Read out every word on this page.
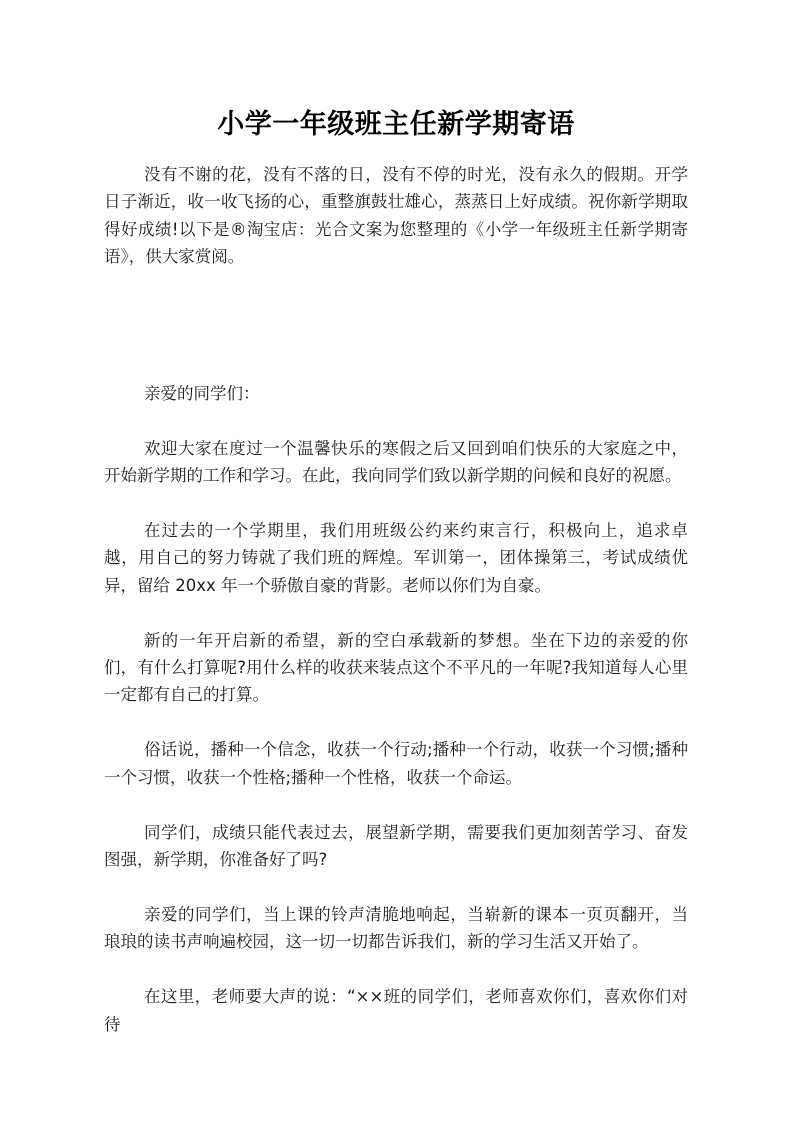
小学一年级班主任新学期寄语

没有不谢的花，没有不落的日，没有不停的时光，没有永久的假期。开学日子渐近，收一收飞扬的心，重整旗鼓壮雄心，蒸蒸日上好成绩。祝你新学期取得好成绩!以下是®淘宝店：光合文案为您整理的《小学一年级班主任新学期寄语》，供大家赏阅。

亲爱的同学们：

欢迎大家在度过一个温馨快乐的寒假之后又回到咱们快乐的大家庭之中，开始新学期的工作和学习。在此，我向同学们致以新学期的问候和良好的祝愿。

在过去的一个学期里，我们用班级公约来约束言行，积极向上，追求卓越，用自己的努力铸就了我们班的辉煌。军训第一，团体操第三，考试成绩优异，留给 20xx 年一个骄傲自豪的背影。老师以你们为自豪。

新的一年开启新的希望，新的空白承载新的梦想。坐在下边的亲爱的你们，有什么打算呢?用什么样的收获来装点这个不平凡的一年呢?我知道每人心里一定都有自己的打算。

俗话说，播种一个信念，收获一个行动;播种一个行动，收获一个习惯;播种一个习惯，收获一个性格;播种一个性格，收获一个命运。

同学们，成绩只能代表过去，展望新学期，需要我们更加刻苦学习、奋发图强，新学期，你准备好了吗?

亲爱的同学们，当上课的铃声清脆地响起，当崭新的课本一页页翻开，当琅琅的读书声响遍校园，这一切一切都告诉我们，新的学习生活又开始了。

在这里，老师要大声的说：“××班的同学们，老师喜欢你们，喜欢你们对待
